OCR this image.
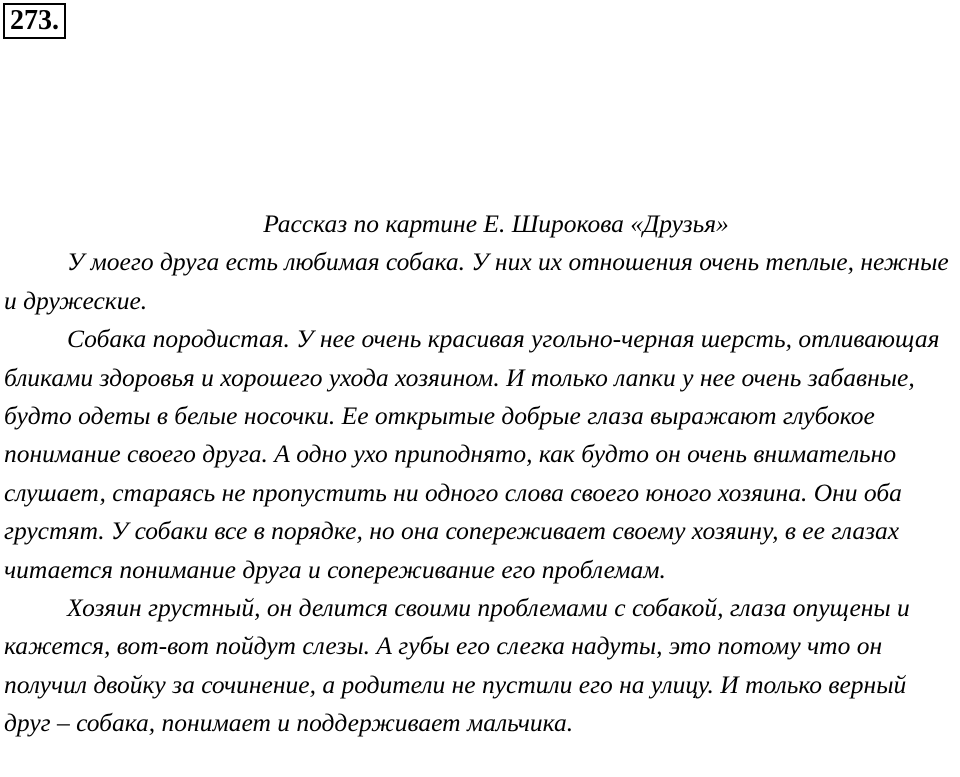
273.
Рассказ по картине Е. Широкова «Друзья»

У моего друга есть любимая собака. У них их отношения очень теплые, нежные и дружеские.

Собака породистая. У нее очень красивая угольно-черная шерсть, отливающая бликами здоровья и хорошего ухода хозяином. И только лапки у нее очень забавные, будто одеты в белые носочки. Ее открытые добрые глаза выражают глубокое понимание своего друга. А одно ухо приподнято, как будто он очень внимательно слушает, стараясь не пропустить ни одного слова своего юного хозяина. Они оба грустят. У собаки все в порядке, но она сопереживает своему хозяину, в ее глазах читается понимание друга и сопереживание его проблемам.

Хозяин грустный, он делится своими проблемами с собакой, глаза опущены и кажется, вот-вот пойдут слезы. А губы его слегка надуты, это потому что он получил двойку за сочинение, а родители не пустили его на улицу. И только верный друг – собака, понимает и поддерживает мальчика.
